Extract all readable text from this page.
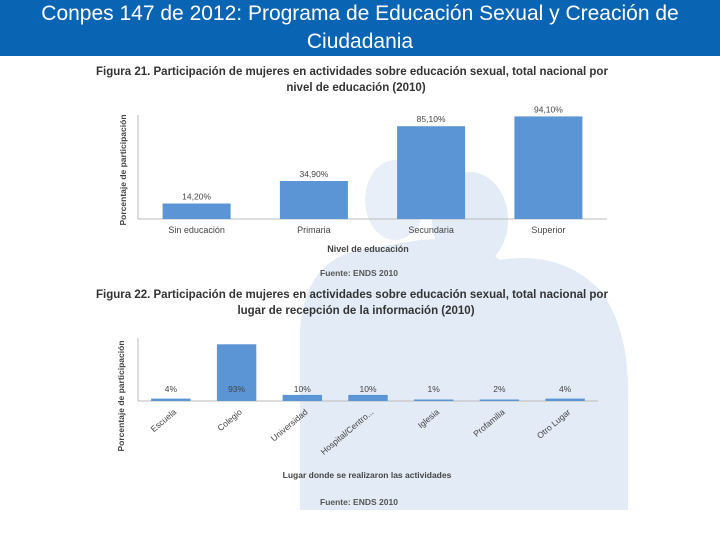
Conpes 147 de 2012: Programa de Educación Sexual y Creación de Ciudadania
Figura 21. Participación de mujeres en actividades sobre educación sexual, total nacional por
nivel de educación (2010)
Porcentaje de participación
Nivel de educación
14,20%
Sin educación
34,90%
Primaria
85,10%
Secundaria
94,10%
Superior
Fuente: ENDS 2010
Figura 22. Participación de mujeres en actividades sobre educación sexual, total nacional por
lugar de recepción de la información (2010)
Porcentaje de participación
Lugar donde se realizaron las actividades
4%
Escuela
93%
Colegio
10%
Universidad
10%
Hospital/Centro...
1%
Iglesia
2%
Profamilia
4%
Otro Lugar
Fuente: ENDS 2010
